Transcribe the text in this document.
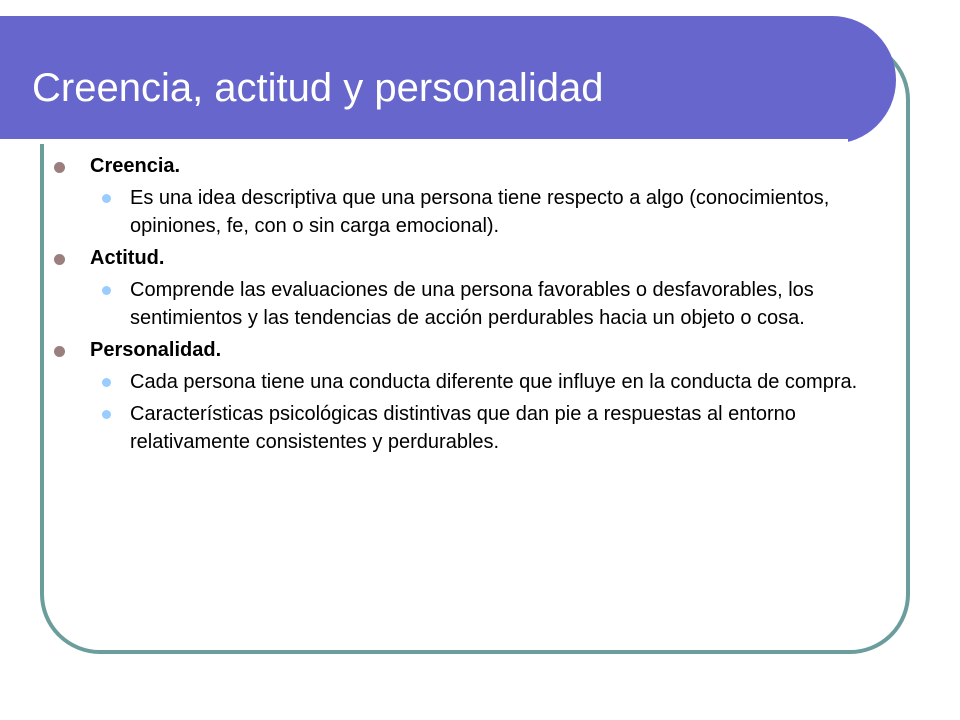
Creencia, actitud y personalidad
Creencia.
Es una idea descriptiva que una persona tiene respecto a algo (conocimientos, opiniones, fe, con o sin carga emocional).
Actitud.
Comprende las evaluaciones de una persona favorables o desfavorables, los sentimientos y las tendencias de acción perdurables hacia un objeto o cosa.
Personalidad.
Cada persona tiene una conducta diferente que influye en la conducta de compra.
Características psicológicas distintivas que dan pie a respuestas al entorno relativamente consistentes y perdurables.
